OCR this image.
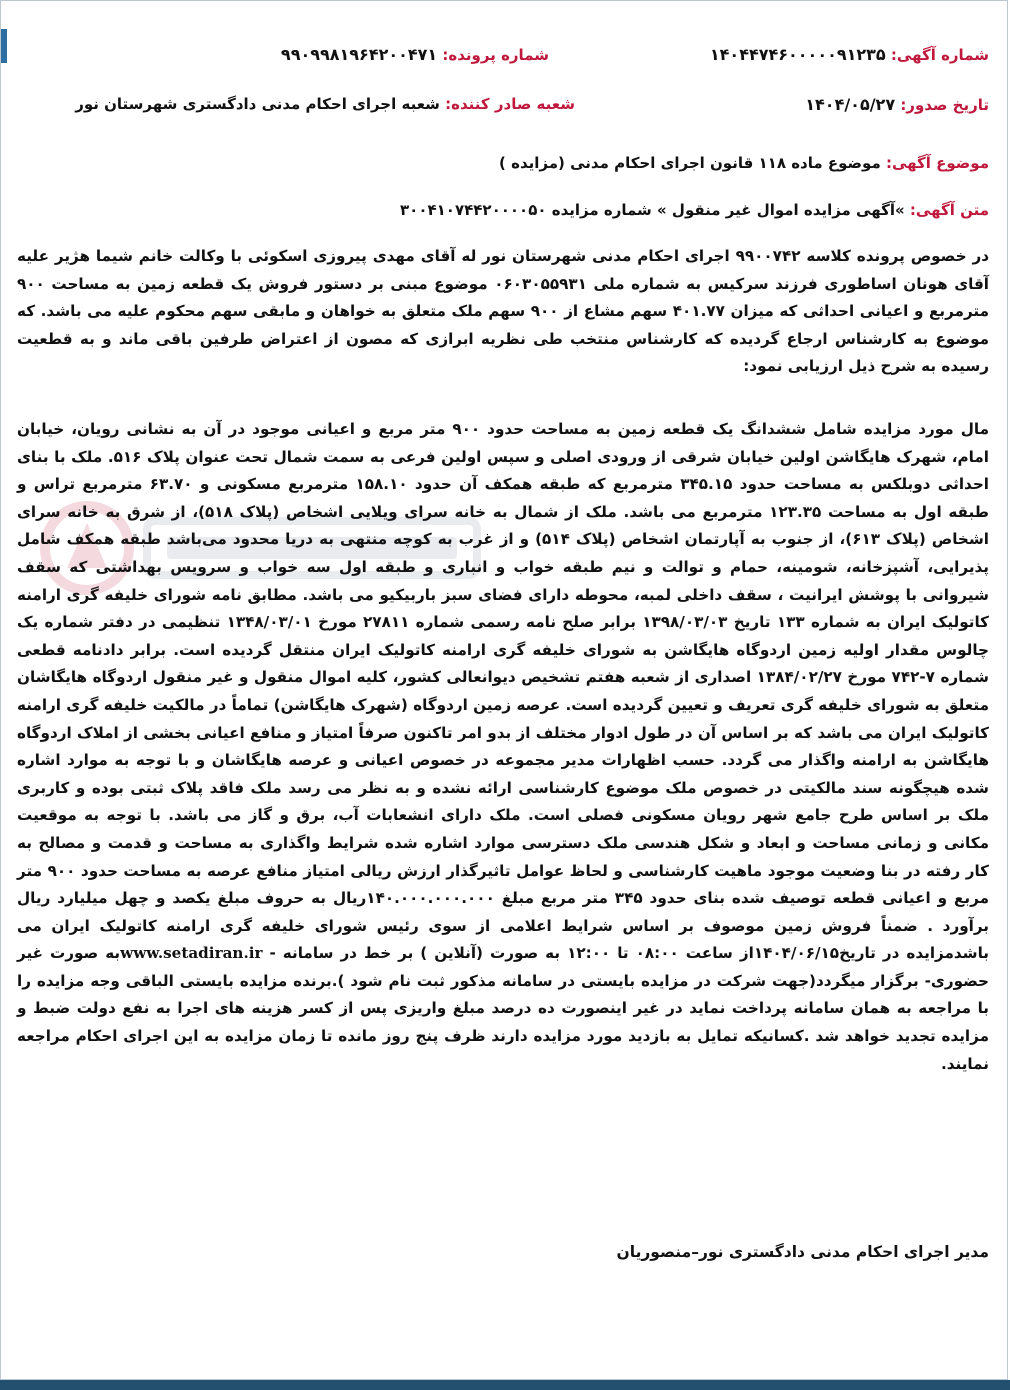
شماره آگهی: ۱۴۰۴۴۷۴۶۰۰۰۰۰۹۱۲۳۵
شماره پرونده: ۹۹۰۹۹۸۱۹۶۴۲۰۰۴۷۱
تاریخ صدور: ۱۴۰۴/۰۵/۲۷
شعبه صادر کننده: شعبه اجرای احکام مدنی دادگستری شهرستان نور
موضوع آگهی: موضوع ماده ۱۱۸ قانون اجرای احکام مدنی (مزایده )
متن آگهی: »آگهی مزایده اموال غیر منقول » شماره مزایده ۳۰۰۴۱۰۷۴۴۲۰۰۰۰۵۰
در خصوص پرونده کلاسه ۹۹۰۰۷۴۲ اجرای احکام مدنی شهرستان نور له آقای مهدی پیروزی اسکوئی با وکالت خانم شیما هژیر علیه آقای هونان اساطوری فرزند سرکیس به شماره ملی ۰۶۰۳۰۵۵۹۳۱ موضوع مبنی بر دستور فروش یک قطعه زمین به مساحت ۹۰۰ مترمربع و اعیانی احداثی که میزان ۴۰۱.۷۷ سهم مشاع از ۹۰۰ سهم ملک متعلق به خواهان و مابقی سهم محکوم علیه می باشد. که موضوع به کارشناس ارجاع گردیده که کارشناس منتخب طی نظریه ابرازی که مصون از اعتراض طرفین باقی ماند و به قطعیت رسیده به شرح ذیل ارزیابی نمود:
مال مورد مزایده شامل ششدانگ یک قطعه زمین به مساحت حدود ۹۰۰ متر مربع و اعیانی موجود در آن به نشانی رویان، خیابان امام، شهرک هایگاشن اولین خیابان شرقی از ورودی اصلی و سپس اولین فرعی به سمت شمال تحت عنوان پلاک ۵۱۶. ملک با بنای احداثی دوبلکس به مساحت حدود ۳۴۵.۱۵ مترمربع که طبقه همکف آن حدود ۱۵۸.۱۰ مترمربع مسکونی و ۶۳.۷۰ مترمربع تراس و طبقه اول به مساحت ۱۲۳.۳۵ مترمربع می باشد. ملک از شمال به خانه سرای ویلایی اشخاص (پلاک ۵۱۸)، از شرق به خانه سرای اشخاص (پلاک ۶۱۳)، از جنوب به آپارتمان اشخاص (پلاک ۵۱۴) و از غرب به کوچه منتهی به دریا محدود می‌باشد طبقه همکف شامل پذیرایی، آشپزخانه، شومینه، حمام و توالت و نیم طبقه خواب و انباری و طبقه اول سه خواب و سرویس بهداشتی که سقف شیروانی با پوشش ایرانیت ، سقف داخلی لمبه، محوطه دارای فضای سبز باربیکیو می باشد. مطابق نامه شورای خلیفه گری ارامنه کاتولیک ایران به شماره ۱۳۳ تاریخ ۱۳۹۸/۰۳/۰۳ برابر صلح نامه رسمی شماره ۲۷۸۱۱ مورخ ۱۳۴۸/۰۳/۰۱ تنظیمی در دفتر شماره یک چالوس مقدار اولیه زمین اردوگاه هایگاشن به شورای خلیفه گری ارامنه کاتولیک ایران منتقل گردیده است. برابر دادنامه قطعی شماره ۷-۷۴۲ مورخ ۱۳۸۴/۰۲/۲۷ اصداری از شعبه هفتم تشخیص دیوانعالی کشور، کلیه اموال منقول و غیر منقول اردوگاه هایگاشان متعلق به شورای خلیفه گری تعریف و تعیین گردیده است. عرصه زمین اردوگاه (شهرک هایگاشن) تماماً در مالکیت خلیفه گری ارامنه کاتولیک ایران می باشد که بر اساس آن در طول ادوار مختلف از بدو امر تاکنون صرفاً امتیاز و منافع اعیانی بخشی از املاک اردوگاه هایگاشن به ارامنه واگذار می گردد. حسب اظهارات مدیر مجموعه در خصوص اعیانی و عرصه هایگاشان و با توجه به موارد اشاره شده هیچگونه سند مالکیتی در خصوص ملک موضوع کارشناسی ارائه نشده و به نظر می رسد ملک فاقد پلاک ثبتی بوده و کاربری ملک بر اساس طرح جامع شهر رویان مسکونی فصلی است. ملک دارای انشعابات آب، برق و گاز می باشد. با توجه به موقعیت مکانی و زمانی مساحت و ابعاد و شکل هندسی ملک دسترسی موارد اشاره شده شرایط واگذاری به مساحت و قدمت و مصالح به کار رفته در بنا وضعیت موجود ماهیت کارشناسی و لحاظ عوامل تاثیرگذار ارزش ریالی امتیاز منافع عرصه به مساحت حدود ۹۰۰ متر مربع و اعیانی قطعه توصیف شده بنای حدود ۳۴۵ متر مربع مبلغ ۱۴۰.۰۰۰.۰۰۰.۰۰۰ریال به حروف مبلغ یکصد و چهل میلیارد ریال برآورد . ضمناً فروش زمین موصوف بر اساس شرایط اعلامی از سوی رئیس شورای خلیفه گری ارامنه کاتولیک ایران می باشدمزایده در تاریخ۱۴۰۴/۰۶/۱۵از ساعت ۰۸:۰۰ تا ۱۲:۰۰ به صورت (آنلاین ) بر خط در سامانه - www.setadiran.irبه صورت غیر حضوری- برگزار میگردد(جهت شرکت در مزایده بایستی در سامانه مذکور ثبت نام شود ).برنده مزایده بایستی الباقی وجه مزایده را با مراجعه به همان سامانه پرداخت نماید در غیر اینصورت ده درصد مبلغ واریزی پس از کسر هزینه های اجرا به نفع دولت ضبط و مزایده تجدید خواهد شد .کسانیکه تمایل به بازدید مورد مزایده دارند ظرف پنج روز مانده تا زمان مزایده به این اجرای احکام مراجعه نمایند.
مدیر اجرای احکام مدنی دادگستری نور–منصوریان
